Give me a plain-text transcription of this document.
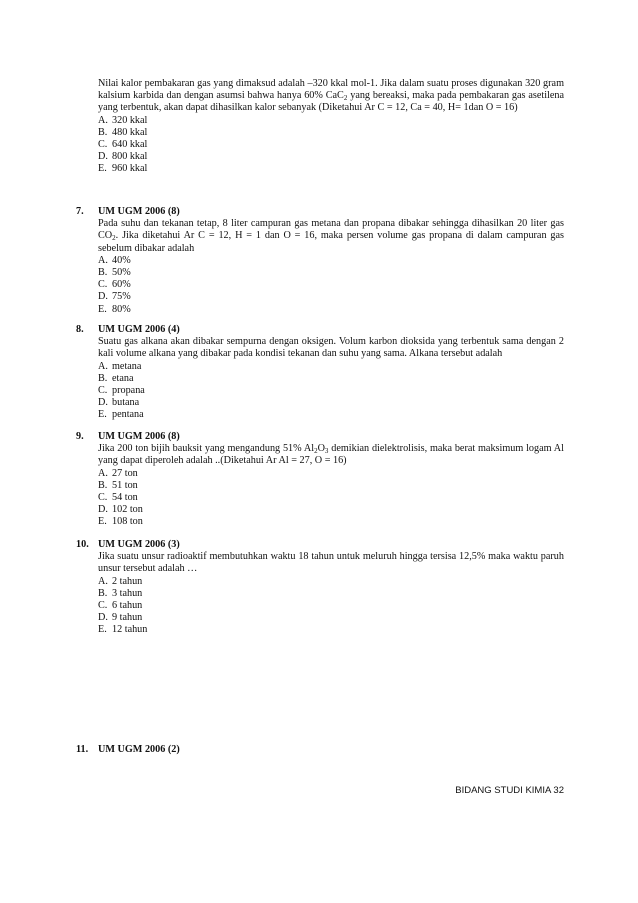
Nilai kalor pembakaran gas yang dimaksud adalah –320 kkal mol-1. Jika dalam suatu proses digunakan 320 gram kalsium karbida dan dengan asumsi bahwa hanya 60% CaC$_2$ yang bereaksi, maka pada pembakaran gas asetilena yang terbentuk, akan dapat dihasilkan kalor sebanyak (Diketahui Ar C = 12, Ca = 40, H= 1dan O = 16)
A. 320 kkal
B. 480 kkal
C. 640 kkal
D. 800 kkal
E. 960 kkal
7.	UM UGM 2006 (8)
Pada suhu dan tekanan tetap, 8 liter campuran gas metana dan propana dibakar sehingga dihasilkan 20 liter gas $CO_2$. Jika diketahui Ar C = 12, H = 1 dan O = 16, maka persen volume gas propana di dalam campuran gas sebelum dibakar adalah
A. 40%
B. 50%
C. 60%
D. 75%
E. 80%
8.	UM UGM 2006 (4)
Suatu gas alkana akan dibakar sempurna dengan oksigen. Volum karbon dioksida yang terbentuk sama dengan 2 kali volume alkana yang dibakar pada kondisi tekanan dan suhu yang sama. Alkana tersebut adalah
A. metana
B. etana
C. propana
D. butana
E. pentana
9.	UM UGM 2006 (8)
Jika 200 ton bijih bauksit yang mengandung 51% $Al_2O_3$ demikian dielektrolisis, maka berat maksimum logam Al yang dapat diperoleh adalah ..(Diketahui Ar Al = 27, O = 16)
A. 27 ton
B. 51 ton
C. 54 ton
D. 102 ton
E. 108 ton
10. UM UGM 2006 (3)
Jika suatu unsur radioaktif membutuhkan waktu 18 tahun untuk meluruh hingga tersisa 12,5% maka waktu paruh unsur tersebut adalah …
A. 2 tahun
B. 3 tahun
C. 6 tahun
D. 9 tahun
E. 12 tahun
11. UM UGM 2006 (2)
BIDANG STUDI KIMIA 32
